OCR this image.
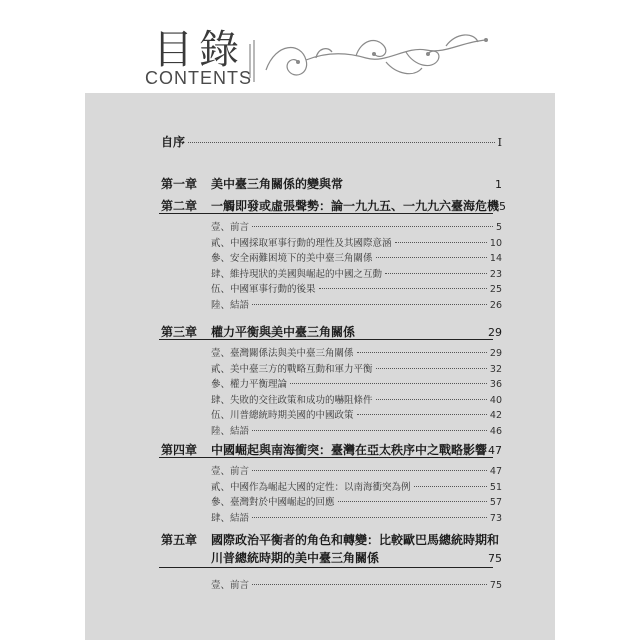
目錄
CONTENTS
自序	I
第一章 美中臺三角關係的變與常	1
第二章 一觸即發或虛張聲勢：論一九九五、一九九六臺海危機 5
壹、前言	5
貳、中國採取軍事行動的理性及其國際意涵	10
參、安全兩難困境下的美中臺三角關係	14
肆、維持現狀的美國與崛起的中國之互動	23
伍、中國軍事行動的後果	25
陸、結語	26
第三章 權力平衡與美中臺三角關係	29
壹、臺灣關係法與美中臺三角關係	29
貳、美中臺三方的戰略互動和軍力平衡	32
參、權力平衡理論	36
肆、失敗的交往政策和成功的嚇阻條件	40
伍、川普總統時期美國的中國政策	42
陸、結語	46
第四章 中國崛起與南海衝突：臺灣在亞太秩序中之戰略影響 47
壹、前言	47
貳、中國作為崛起大國的定性：以南海衝突為例	51
參、臺灣對於中國崛起的回應	57
肆、結語	73
第五章 國際政治平衡者的角色和轉變：比較歐巴馬總統時期和
川普總統時期的美中臺三角關係	75
壹、前言	75
